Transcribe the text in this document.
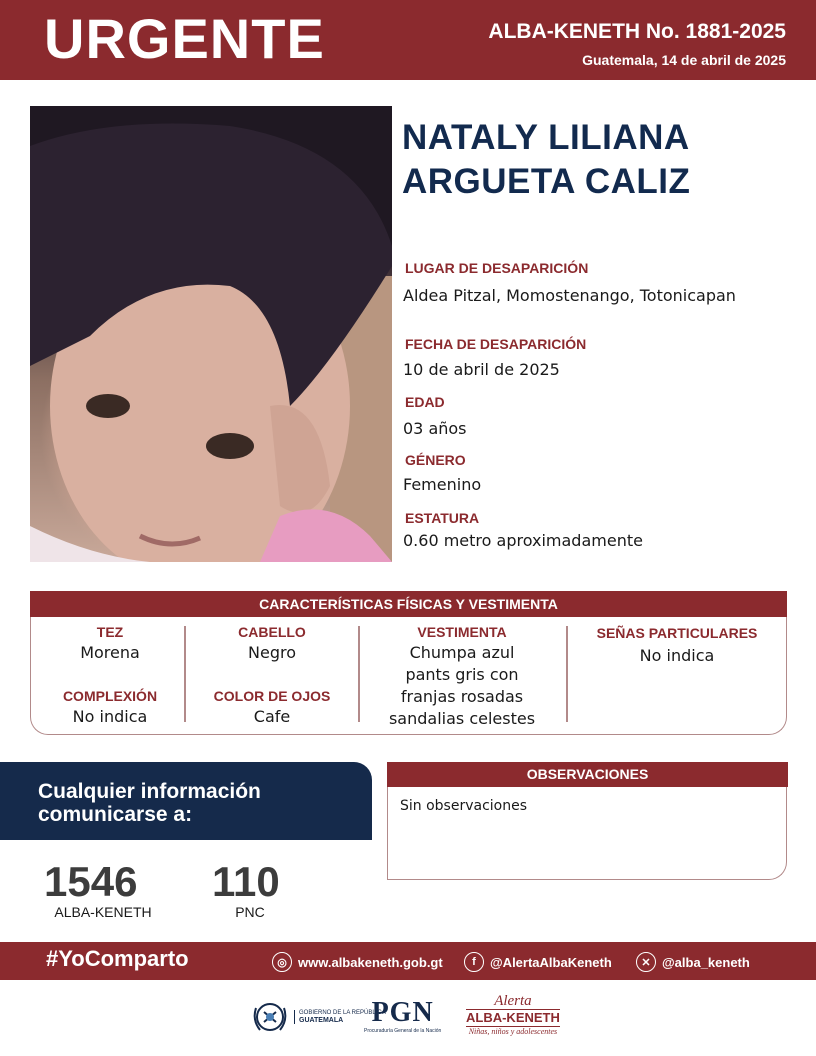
URGENTE	ALBA-KENETH No. 1881-2025
Guatemala, 14 de abril de 2025
NATALY LILIANA
ARGUETA CALIZ
LUGAR DE DESAPARICIÓN
Aldea Pitzal, Momostenango, Totonicapan
FECHA DE DESAPARICIÓN
10 de abril de 2025
EDAD
03 años
GÉNERO
Femenino
ESTATURA
0.60 metro aproximadamente
CARACTERÍSTICAS FÍSICAS Y VESTIMENTA
TEZ
Morena
COMPLEXIÓN
No indica
CABELLO
Negro
COLOR DE OJOS
Cafe
VESTIMENTA
Chumpa azul
pants gris con
franjas rosadas
sandalias celestes
SEÑAS PARTICULARES
No indica
Cualquier información
comunicarse a:
1546
ALBA-KENETH
110
PNC
OBSERVACIONES
Sin observaciones
#YoComparto	◎ www.albakeneth.gob.gt	f	@AlertaAlbaKeneth	✕ @alba_keneth
GOBIERNO DE LA REPÚBLICA
GUATEMALA	PGN
Procuraduría General de la Nación
Alerta
ALBA-KENETH
Niñas, niños y adolescentes
